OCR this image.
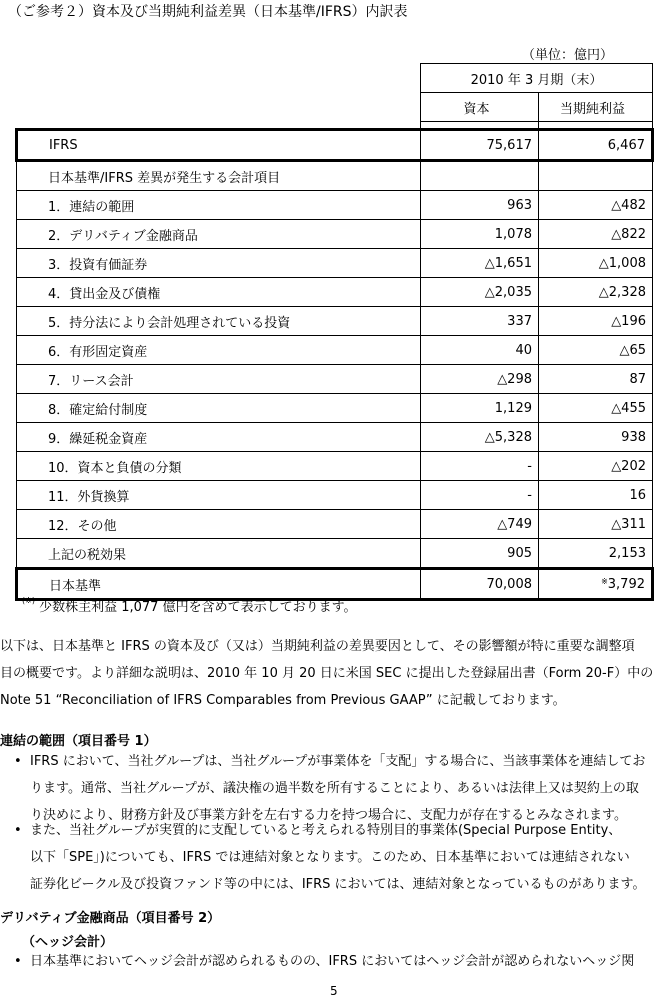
（ご参考２）資本及び当期純利益差異（日本基準/IFRS）内訳表
（単位：億円）
	2010 年 3 月期（末）	
	資本	当期純利益

IFRS	75,617	6,467
日本基準/IFRS 差異が発生する会計項目		
1．連結の範囲	963	△482
2．デリバティブ金融商品	1,078	△822
3．投資有価証券	△1,651	△1,008
4．貸出金及び債権	△2,035	△2,328
5．持分法により会計処理されている投資	337	△196
6．有形固定資産	40	△65
7．リース会計	△298	87
8．確定給付制度	1,129	△455
9．繰延税金資産	△5,328	938
10．資本と負債の分類	-	△202
11．外貨換算	-	16
12．その他	△749	△311
上記の税効果	905	2,153
日本基準	70,008	※3,792
(※) 少数株主利益 1,077 億円を含めて表示しております。
以下は、日本基準と IFRS の資本及び（又は）当期純利益の差異要因として、その影響額が特に重要な調整項
目の概要です。より詳細な説明は、2010 年 10 月 20 日に米国 SEC に提出した登録届出書（Form 20-F）中の
Note 51 “Reconciliation of IFRS Comparables from Previous GAAP” に記載しております。
連結の範囲（項目番号 1）
• IFRS において、当社グループは、当社グループが事業体を「支配」する場合に、当該事業体を連結してお
ります。通常、当社グループが、議決権の過半数を所有することにより、あるいは法律上又は契約上の取
り決めにより、財務方針及び事業方針を左右する力を持つ場合に、支配力が存在するとみなされます。
• また、当社グループが実質的に支配していると考えられる特別目的事業体(Special Purpose Entity、
以下「SPE」)についても、IFRS では連結対象となります。このため、日本基準においては連結されない
証券化ビークル及び投資ファンド等の中には、IFRS においては、連結対象となっているものがあります。
デリバティブ金融商品（項目番号 2）
（ヘッジ会計）
• 日本基準においてヘッジ会計が認められるものの、IFRS においてはヘッジ会計が認められないヘッジ関
5
